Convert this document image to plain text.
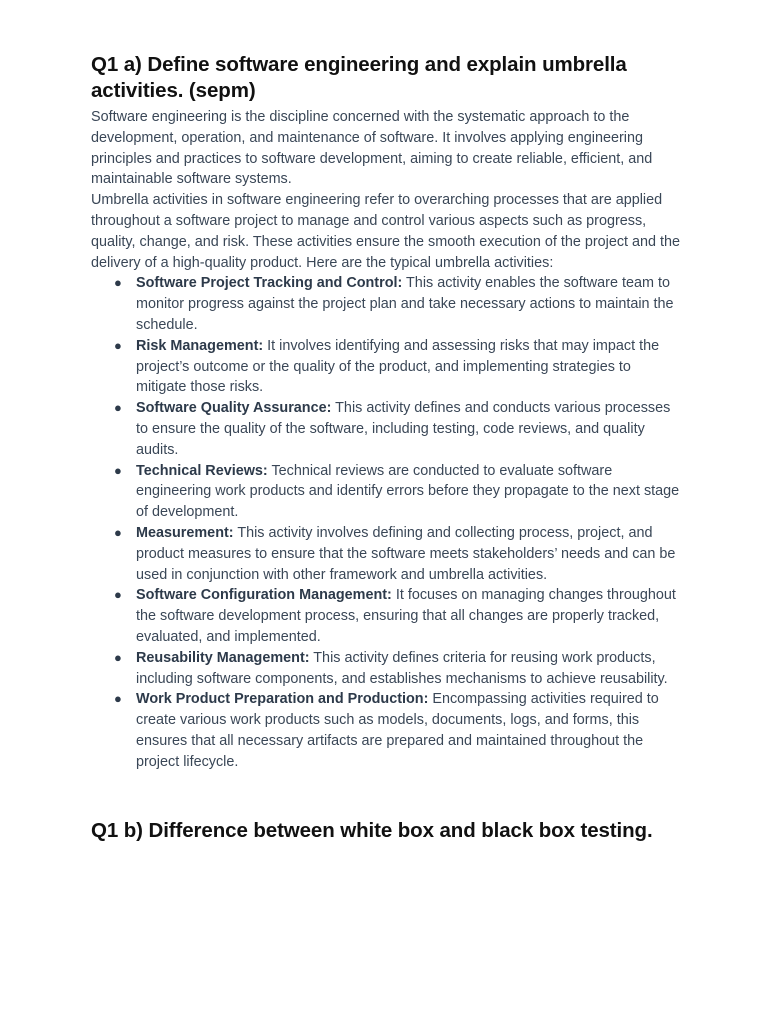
Q1 a) Define software engineering and explain umbrella activities. (sepm)

Software engineering is the discipline concerned with the systematic approach to the development, operation, and maintenance of software. It involves applying engineering principles and practices to software development, aiming to create reliable, efficient, and maintainable software systems.

Umbrella activities in software engineering refer to overarching processes that are applied throughout a software project to manage and control various aspects such as progress, quality, change, and risk. These activities ensure the smooth execution of the project and the delivery of a high-quality product. Here are the typical umbrella activities:

● Software Project Tracking and Control: This activity enables the software team to monitor progress against the project plan and take necessary actions to maintain the schedule.
● Risk Management: It involves identifying and assessing risks that may impact the project’s outcome or the quality of the product, and implementing strategies to mitigate those risks.
● Software Quality Assurance: This activity defines and conducts various processes to ensure the quality of the software, including testing, code reviews, and quality audits.
● Technical Reviews: Technical reviews are conducted to evaluate software engineering work products and identify errors before they propagate to the next stage of development.
● Measurement: This activity involves defining and collecting process, project, and product measures to ensure that the software meets stakeholders’ needs and can be used in conjunction with other framework and umbrella activities.
● Software Configuration Management: It focuses on managing changes throughout the software development process, ensuring that all changes are properly tracked, evaluated, and implemented.
● Reusability Management: This activity defines criteria for reusing work products, including software components, and establishes mechanisms to achieve reusability.
● Work Product Preparation and Production: Encompassing activities required to create various work products such as models, documents, logs, and forms, this ensures that all necessary artifacts are prepared and maintained throughout the project lifecycle.
Q1 b) Difference between white box and black box testing.
